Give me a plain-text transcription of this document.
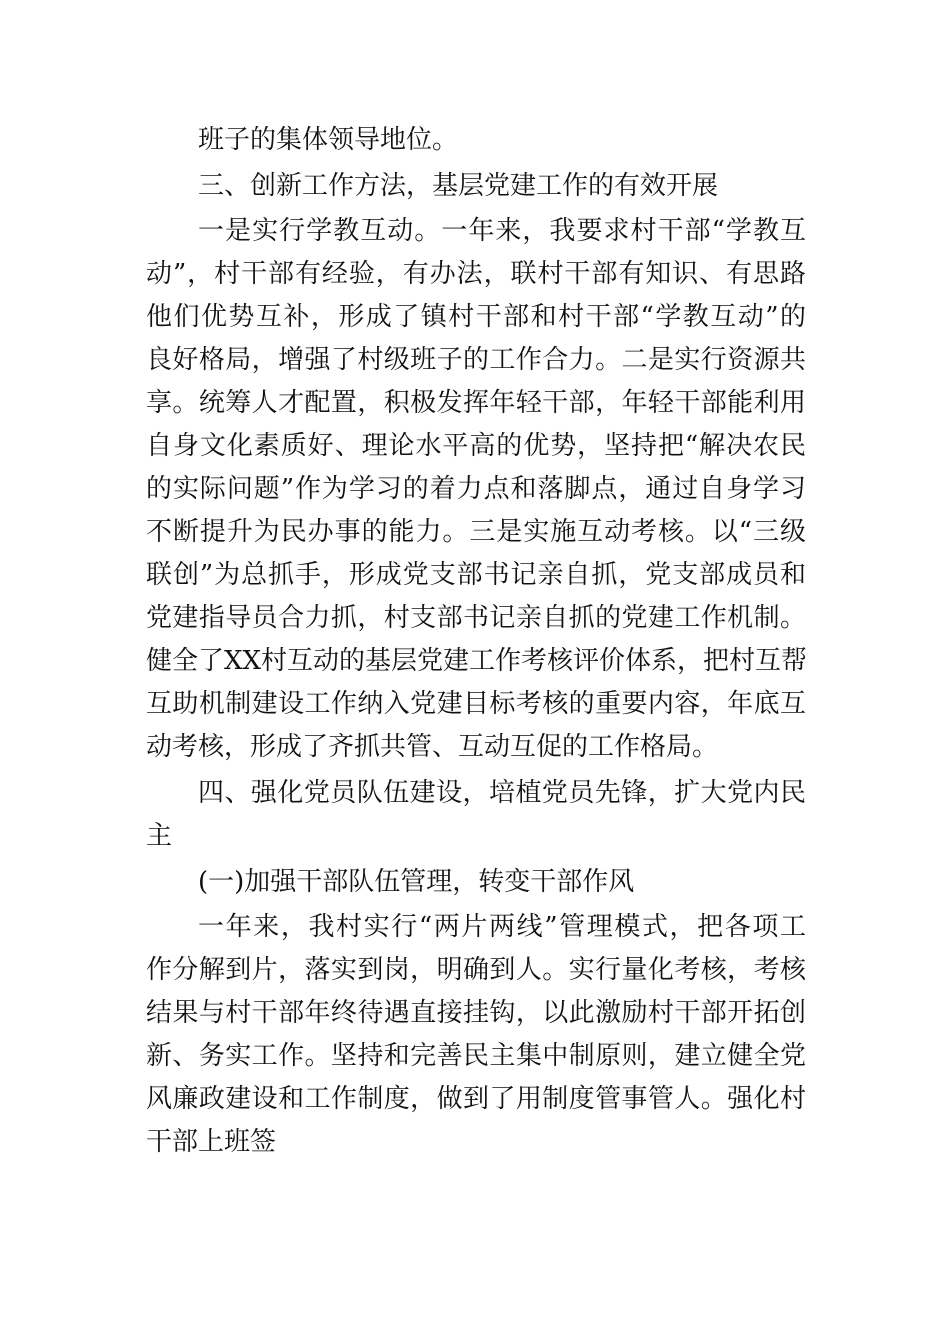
班子的集体领导地位。
三、创新工作方法，基层党建工作的有效开展
一是实行学教互动。一年来，我要求村干部“学教互
动”，村干部有经验，有办法，联村干部有知识、有思路
他们优势互补，形成了镇村干部和村干部“学教互动”的
良好格局，增强了村级班子的工作合力。二是实行资源共
享。统筹人才配置，积极发挥年轻干部，年轻干部能利用
自身文化素质好、理论水平高的优势，坚持把“解决农民
的实际问题”作为学习的着力点和落脚点，通过自身学习
不断提升为民办事的能力。三是实施互动考核。以“三级
联创”为总抓手，形成党支部书记亲自抓，党支部成员和
党建指导员合力抓，村支部书记亲自抓的党建工作机制。
健全了XX村互动的基层党建工作考核评价体系，把村互帮
互助机制建设工作纳入党建目标考核的重要内容，年底互
动考核，形成了齐抓共管、互动互促的工作格局。
四、强化党员队伍建设，培植党员先锋，扩大党内民
主
(一)加强干部队伍管理，转变干部作风
一年来，我村实行“两片两线”管理模式，把各项工
作分解到片，落实到岗，明确到人。实行量化考核，考核
结果与村干部年终待遇直接挂钩，以此激励村干部开拓创
新、务实工作。坚持和完善民主集中制原则，建立健全党
风廉政建设和工作制度，做到了用制度管事管人。强化村
干部上班签
